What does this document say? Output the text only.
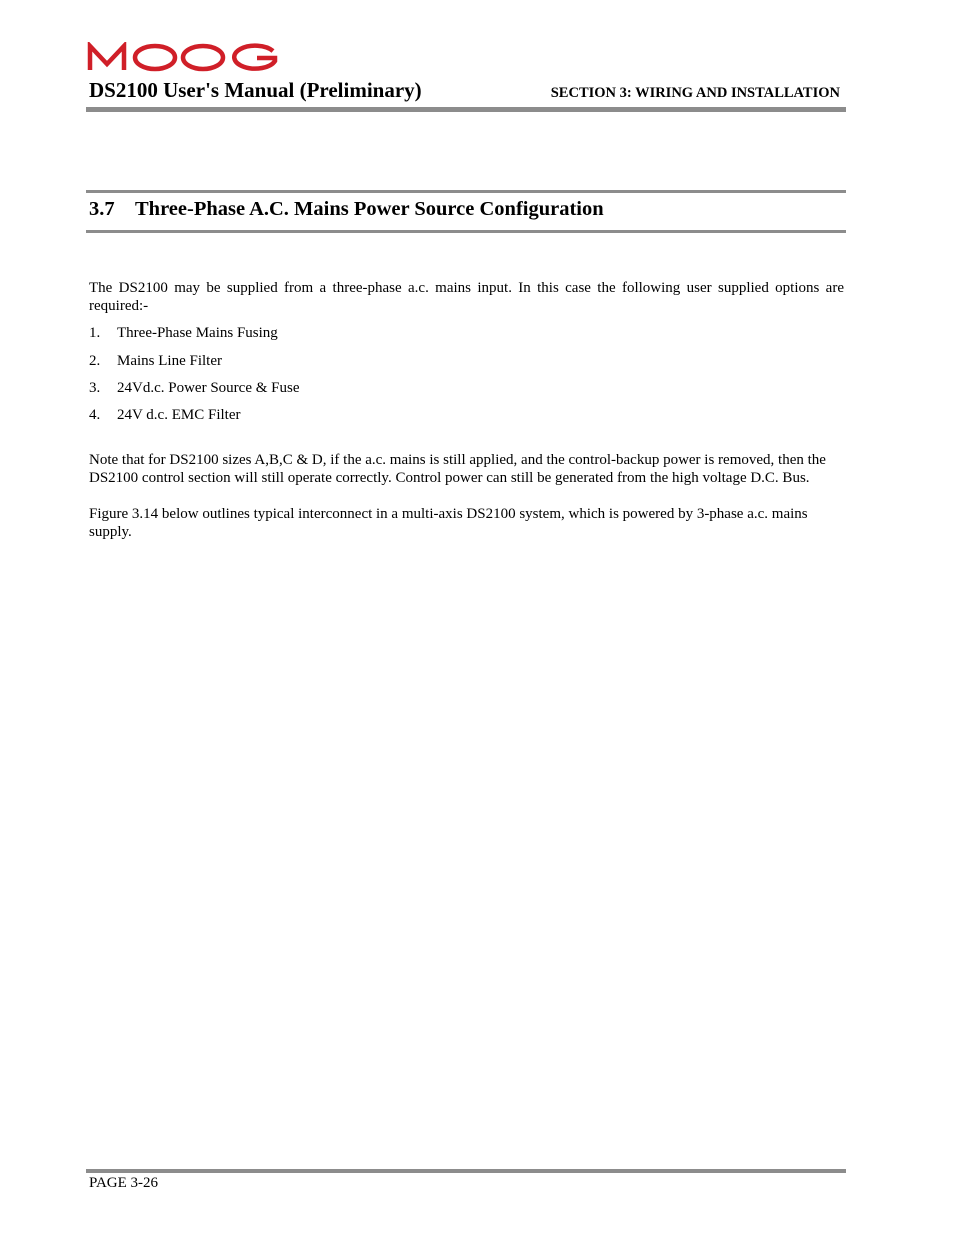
DS2100 User's Manual (Preliminary)	SECTION 3: WIRING AND INSTALLATION
3.7 Three-Phase A.C. Mains Power Source Configuration

The DS2100 may be supplied from a three-phase a.c. mains input. In this case the following user supplied options are required:-

1. Three-Phase Mains Fusing
2. Mains Line Filter
3. 24Vd.c. Power Source & Fuse
4. 24V d.c. EMC Filter

Note that for DS2100 sizes A,B,C & D, if the a.c. mains is still applied, and the control-backup power is removed, then the DS2100 control section will still operate correctly. Control power can still be generated from the high voltage D.C. Bus.

Figure 3.14 below outlines typical interconnect in a multi-axis DS2100 system, which is powered by 3-phase a.c. mains supply.

PAGE 3-26
